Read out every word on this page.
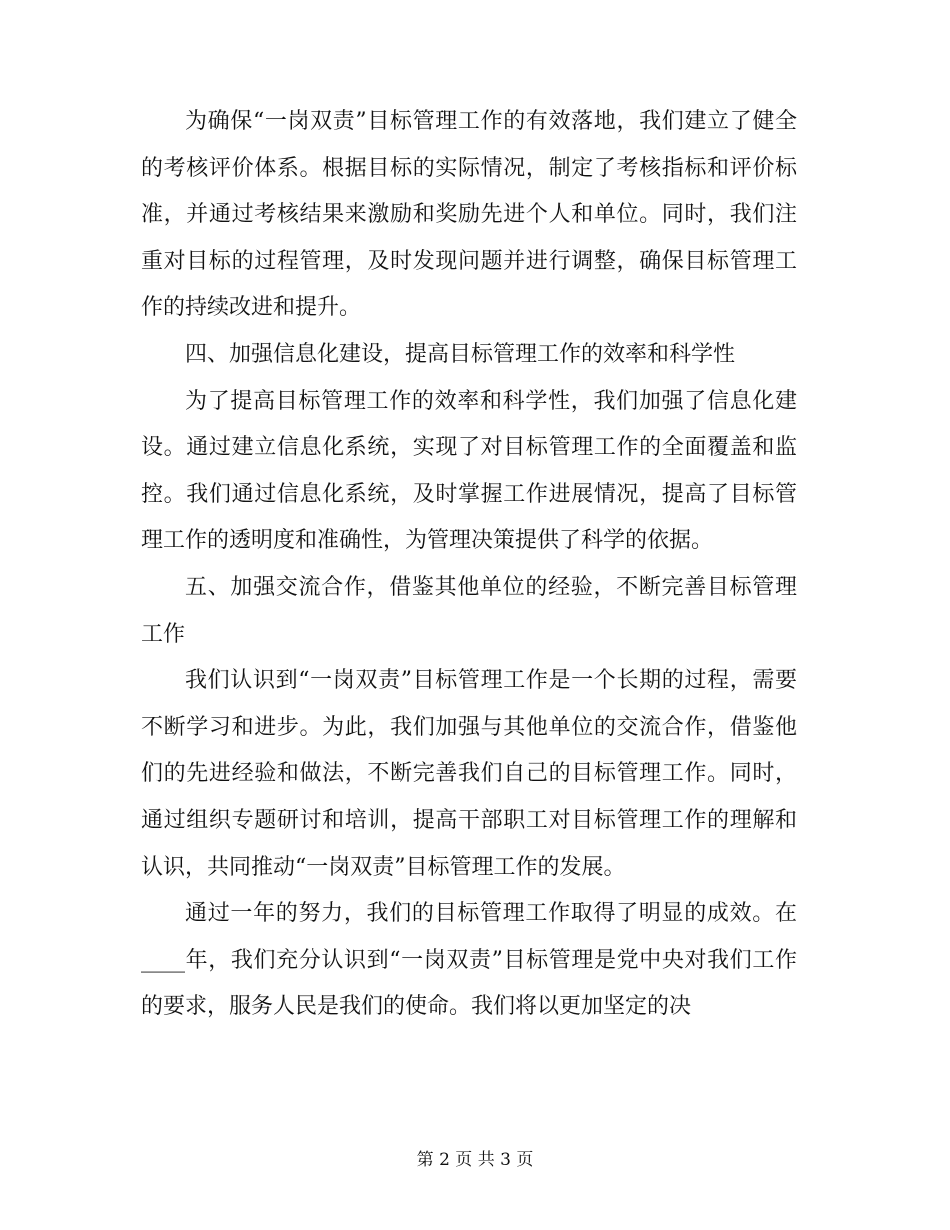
为确保“一岗双责”目标管理工作的有效落地，我们建立了健全的考核评价体系。根据目标的实际情况，制定了考核指标和评价标准，并通过考核结果来激励和奖励先进个人和单位。同时，我们注重对目标的过程管理，及时发现问题并进行调整，确保目标管理工作的持续改进和提升。

四、加强信息化建设，提高目标管理工作的效率和科学性

为了提高目标管理工作的效率和科学性，我们加强了信息化建设。通过建立信息化系统，实现了对目标管理工作的全面覆盖和监控。我们通过信息化系统，及时掌握工作进展情况，提高了目标管理工作的透明度和准确性，为管理决策提供了科学的依据。

五、加强交流合作，借鉴其他单位的经验，不断完善目标管理工作

我们认识到“一岗双责”目标管理工作是一个长期的过程，需要不断学习和进步。为此，我们加强与其他单位的交流合作，借鉴他们的先进经验和做法，不断完善我们自己的目标管理工作。同时，通过组织专题研讨和培训，提高干部职工对目标管理工作的理解和认识，共同推动“一岗双责”目标管理工作的发展。

通过一年的努力，我们的目标管理工作取得了明显的成效。在____年，我们充分认识到“一岗双责”目标管理是党中央对我们工作的要求，服务人民是我们的使命。我们将以更加坚定的决

第 2 页 共 3 页
